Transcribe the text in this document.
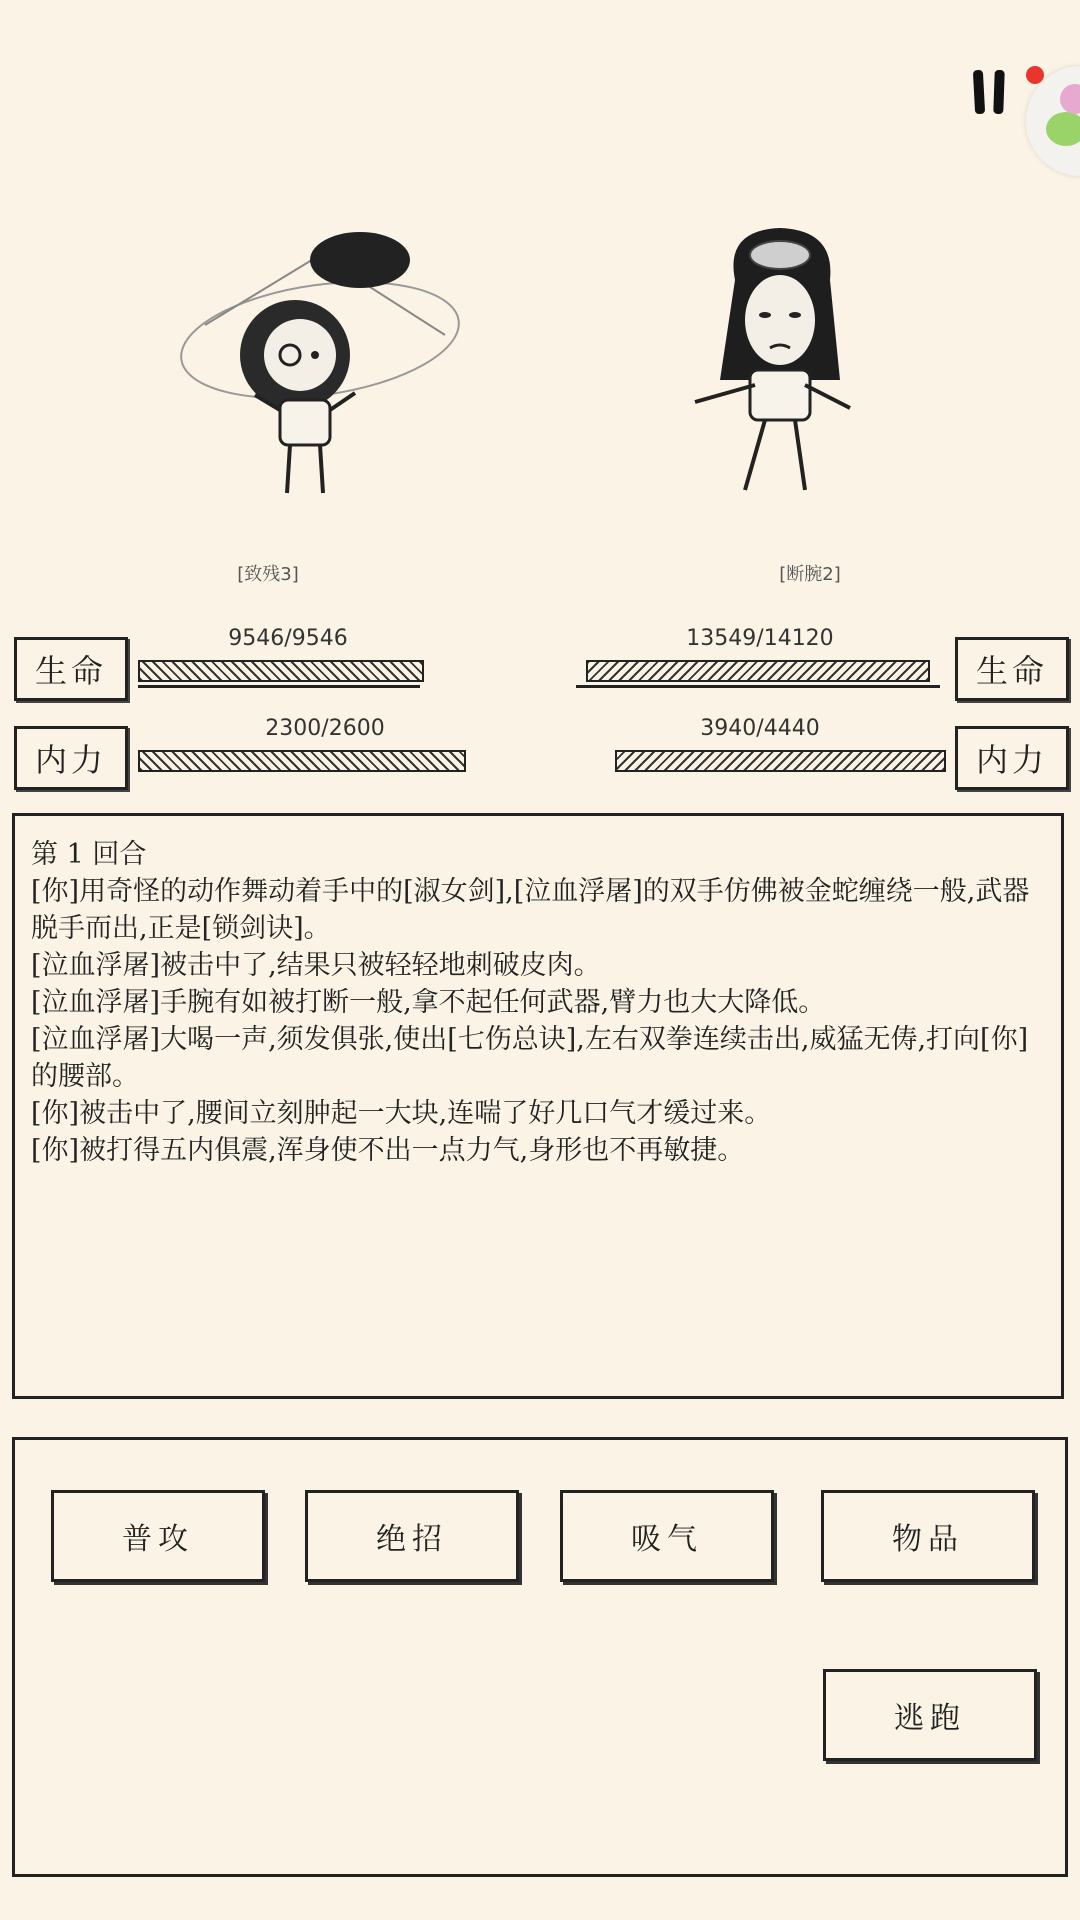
[致残3]	[断腕2]
生命
9546/9546
生命
13549/14120
内力
2300/2600
内力
3940/4440

第 1 回合

[你]用奇怪的动作舞动着手中的[淑女剑],[泣血浮屠]的双手仿佛被金蛇缠绕一般,武器脱手而出,正是[锁剑诀]。

[泣血浮屠]被击中了,结果只被轻轻地刺破皮肉。

[泣血浮屠]手腕有如被打断一般,拿不起任何武器,臂力也大大降低。

[泣血浮屠]大喝一声,须发俱张,使出[七伤总诀],左右双拳连续击出,威猛无俦,打向[你]的腰部。

[你]被击中了,腰间立刻肿起一大块,连喘了好几口气才缓过来。

[你]被打得五内俱震,浑身使不出一点力气,身形也不再敏捷。

普攻	绝招	吸气	物品
逃跑
